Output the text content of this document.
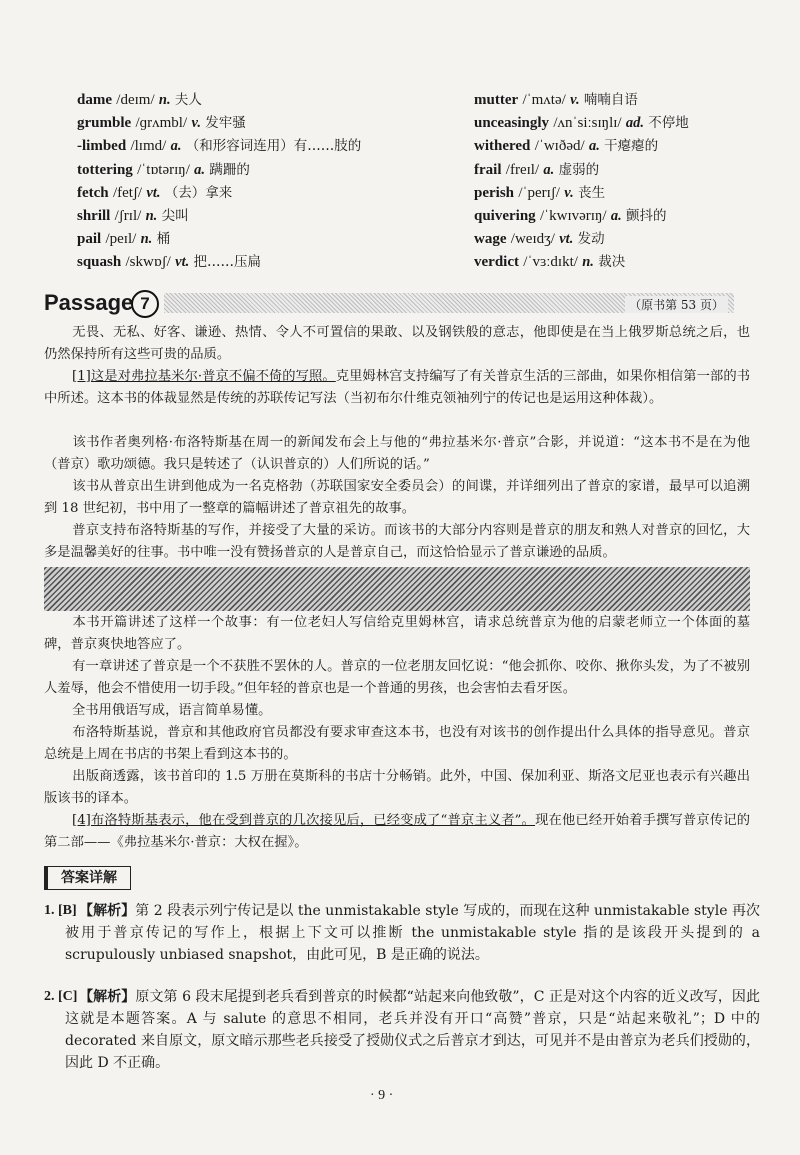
dame /deɪm/ n. 夫人
grumble /ɡrʌmbl/ v. 发牢骚
-limbed /lɪmd/ a. （和形容词连用）有……肢的
tottering /ˈtɒtərɪŋ/ a. 蹒跚的
fetch /fetʃ/ vt. （去）拿来
shrill /ʃrɪl/ n. 尖叫
pail /peɪl/ n. 桶
squash /skwɒʃ/ vt. 把……压扁
mutter /ˈmʌtə/ v. 喃喃自语
unceasingly /ʌnˈsiːsɪŋlɪ/ ad. 不停地
withered /ˈwɪðəd/ a. 干瘪瘪的
frail /freɪl/ a. 虚弱的
perish /ˈperɪʃ/ v. 丧生
quivering /ˈkwɪvərɪŋ/ a. 颤抖的
wage /weɪdʒ/ vt. 发动
verdict /ˈvɜːdɪkt/ n. 裁决
Passage 7	（原书第 53 页）

无畏、无私、好客、谦逊、热情、令人不可置信的果敢、以及钢铁般的意志，他即使是在当上俄罗斯总统之后，也仍然保持所有这些可贵的品质。

[1]这是对弗拉基米尔·普京不偏不倚的写照。克里姆林宫支持编写了有关普京生活的三部曲，如果你相信第一部的书中所述。这本书的体裁显然是传统的苏联传记写法（当初布尔什维克领袖列宁的传记也是运用这种体裁）。

该书作者奥列格·布洛特斯基在周一的新闻发布会上与他的“弗拉基米尔·普京”合影，并说道：“这本书不是在为他（普京）歌功颂德。我只是转述了（认识普京的）人们所说的话。”

该书从普京出生讲到他成为一名克格勃（苏联国家安全委员会）的间谍，并详细列出了普京的家谱，最早可以追溯到 18 世纪初，书中用了一整章的篇幅讲述了普京祖先的故事。

普京支持布洛特斯基的写作，并接受了大量的采访。而该书的大部分内容则是普京的朋友和熟人对普京的回忆，大多是温馨美好的往事。书中唯一没有赞扬普京的人是普京自己，而这恰恰显示了普京谦逊的品质。

本书开篇讲述了这样一个故事：有一位老妇人写信给克里姆林宫，请求总统普京为他的启蒙老师立一个体面的墓碑，普京爽快地答应了。

有一章讲述了普京是一个不获胜不罢休的人。普京的一位老朋友回忆说：“他会抓你、咬你、揪你头发，为了不被别人羞辱，他会不惜使用一切手段。”但年轻的普京也是一个普通的男孩，也会害怕去看牙医。

全书用俄语写成，语言简单易懂。

布洛特斯基说，普京和其他政府官员都没有要求审查这本书，也没有对该书的创作提出什么具体的指导意见。普京总统是上周在书店的书架上看到这本书的。

出版商透露，该书首印的 1.5 万册在莫斯科的书店十分畅销。此外，中国、保加利亚、斯洛文尼亚也表示有兴趣出版该书的译本。

[4]布洛特斯基表示，他在受到普京的几次接见后，已经变成了“普京主义者”。现在他已经开始着手撰写普京传记的第二部——《弗拉基米尔·普京：大权在握》。

答案详解
1. [B] 【解析】第 2 段表示列宁传记是以 the unmistakable style 写成的，而现在这种 unmistakable style 再次被用于普京传记的写作上，根据上下文可以推断 the unmistakable style 指的是该段开头提到的 a scrupulously unbiased snapshot，由此可见，B 是正确的说法。
2. [C] 【解析】原文第 6 段末尾提到老兵看到普京的时候都“站起来向他致敬”，C 正是对这个内容的近义改写，因此这就是本题答案。A 与 salute 的意思不相同，老兵并没有开口“高赞”普京，只是“站起来敬礼”；D 中的 decorated 来自原文，原文暗示那些老兵接受了授勋仪式之后普京才到达，可见并不是由普京为老兵们授勋的，因此 D 不正确。
· 9 ·
